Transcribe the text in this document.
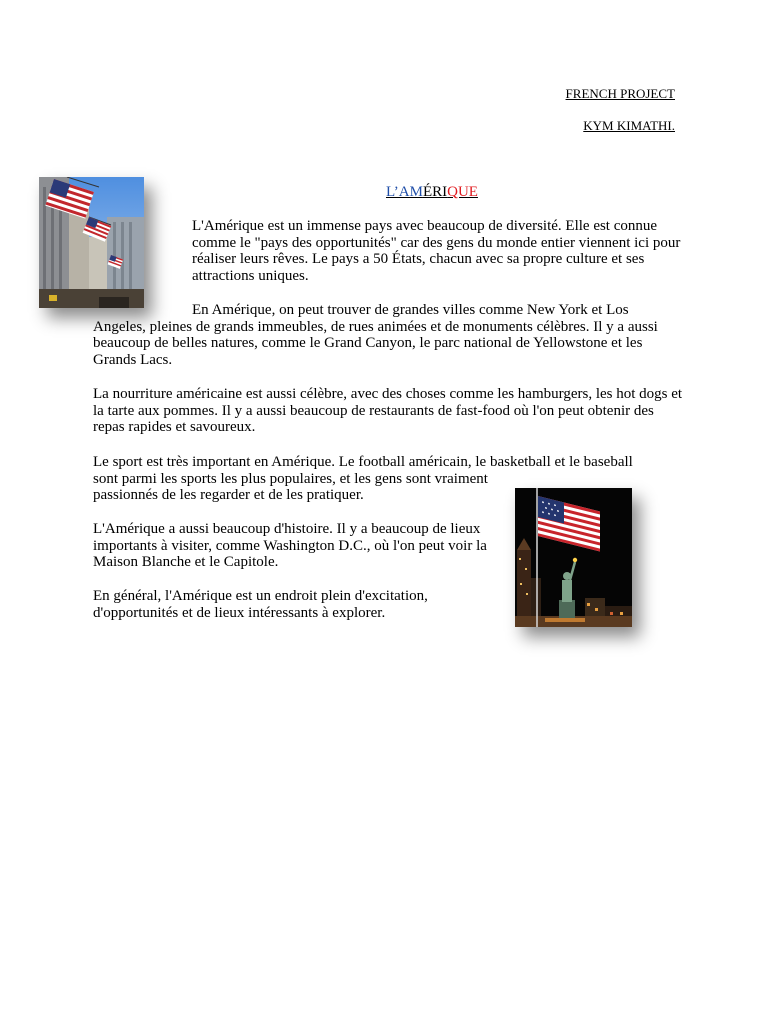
FRENCH PROJECT
KYM KIMATHI.
L’AMÉRIQUE

L'Amérique est un immense pays avec beaucoup de diversité. Elle est connue comme le "pays des opportunités" car des gens du monde entier viennent ici pour réaliser leurs rêves. Le pays a 50 États, chacun avec sa propre culture et ses attractions uniques.

En Amérique, on peut trouver de grandes villes comme New York et Los Angeles, pleines de grands immeubles, de rues animées et de monuments célèbres. Il y a aussi beaucoup de belles natures, comme le Grand Canyon, le parc national de Yellowstone et les Grands Lacs.

La nourriture américaine est aussi célèbre, avec des choses comme les hamburgers, les hot dogs et la tarte aux pommes. Il y a aussi beaucoup de restaurants de fast-food où l'on peut obtenir des repas rapides et savoureux.

Le sport est très important en Amérique. Le football américain, le basketball et le baseball

sont parmi les sports les plus populaires, et les gens sont vraiment passionnés de les regarder et de les pratiquer.

L'Amérique a aussi beaucoup d'histoire. Il y a beaucoup de lieux importants à visiter, comme Washington D.C., où l'on peut voir la Maison Blanche et le Capitole.

En général, l'Amérique est un endroit plein d'excitation, d'opportunités et de lieux intéressants à explorer.
